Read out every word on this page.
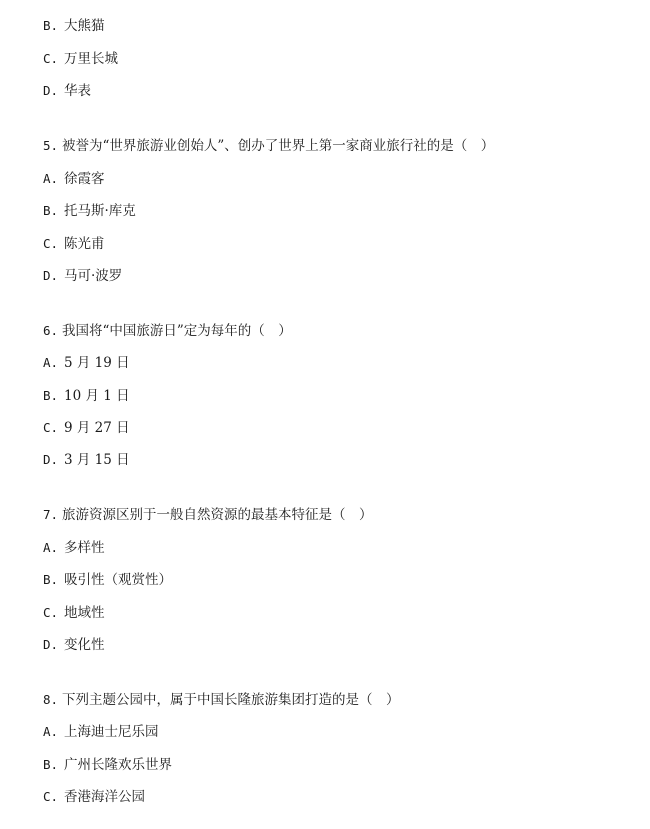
B. 大熊猫
C. 万里长城
D. 华表
5. 被誉为“世界旅游业创始人”、创办了世界上第一家商业旅行社的是（　）
A. 徐霞客
B. 托马斯·库克
C. 陈光甫
D. 马可·波罗
6. 我国将“中国旅游日”定为每年的（　）
A. 5 月 19 日
B. 10 月 1 日
C. 9 月 27 日
D. 3 月 15 日
7. 旅游资源区别于一般自然资源的最基本特征是（　）
A. 多样性
B. 吸引性（观赏性）
C. 地域性
D. 变化性
8. 下列主题公园中，属于中国长隆旅游集团打造的是（　）
A. 上海迪士尼乐园
B. 广州长隆欢乐世界
C. 香港海洋公园
